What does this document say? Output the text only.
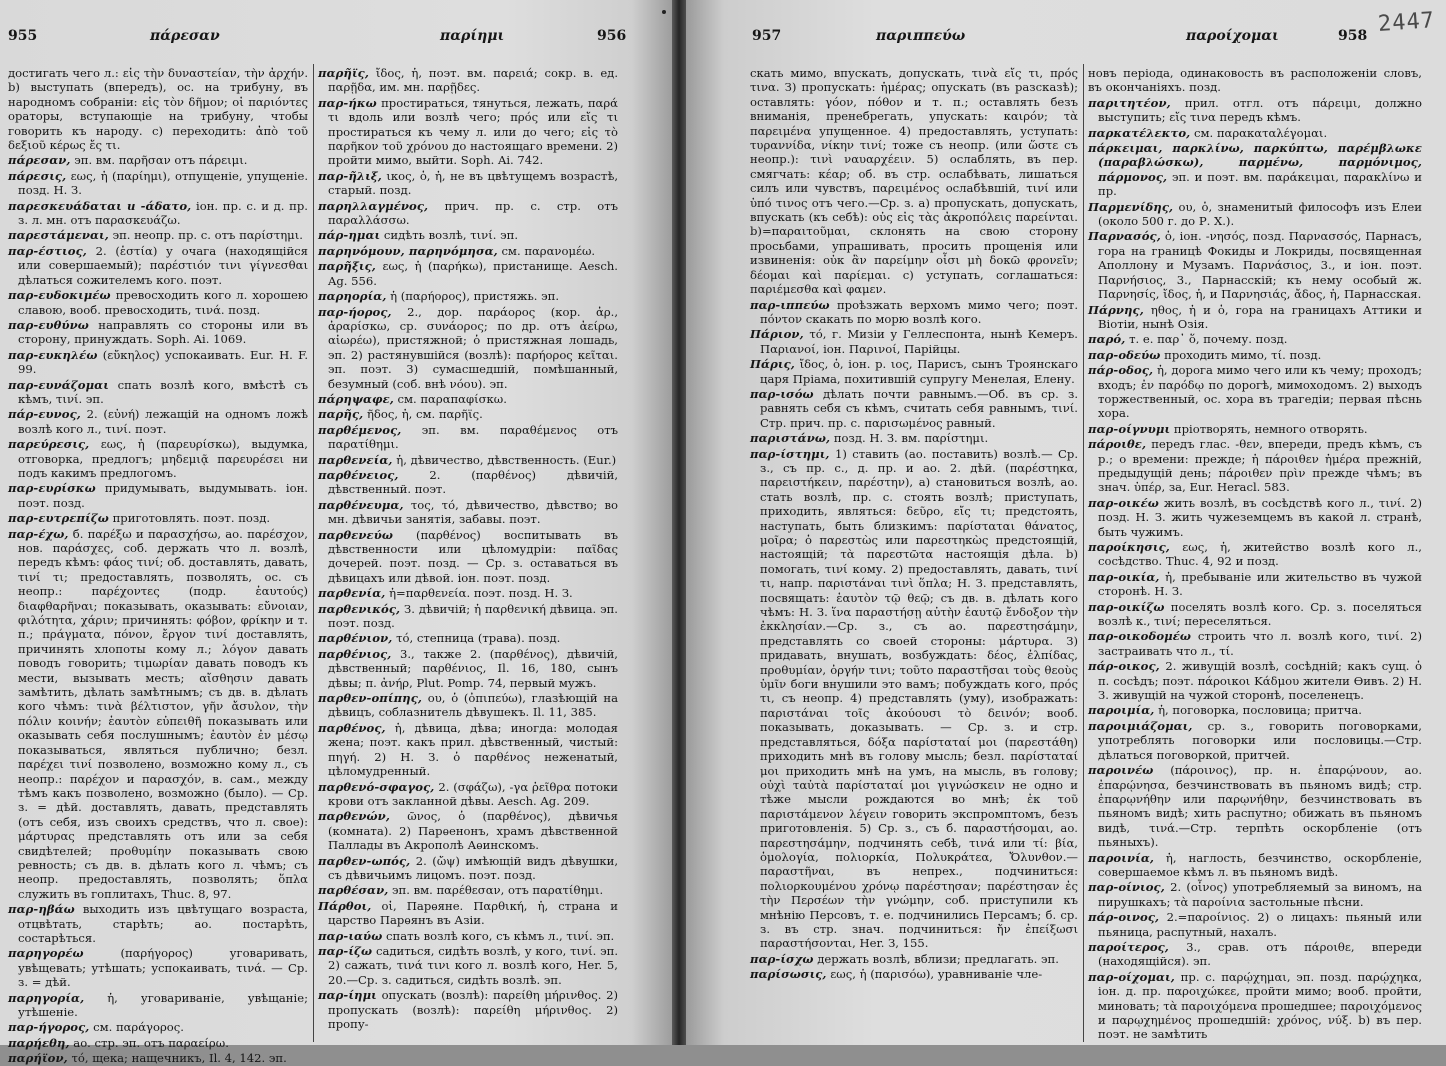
955	πάρεσαν	παρίημι	956

достигать чего л.: εἰς τὴν δυναστείαν, τὴν ἀρχήν. b) выступать (впередъ), ос. на трибуну, въ народномъ собраніи: εἰς τὸν δῆμον; οἱ παριόντες ораторы, вступающіе на трибуну, чтобы говорить къ народу. c) переходить: ἀπὸ τοῦ δεξιοῦ κέρως ἔς τι.

πάρεσαν, эп. вм. παρῆσαν отъ πάρειμι.

πάρεσις, εως, ἡ (παρίημι), отпущеніе, упущеніе. позд. Н. З.

παρεσκευάδαται и -άδατο, іон. пр. с. и д. пр. з. л. мн. отъ παρασκευάζω.

παρεστάμεναι, эп. неопр. пр. с. отъ παρίστημι.

παρ-έστιος, 2. (ἑστία) у очага (находящійся или совершаемый); παρέστιόν τινι γίγνεσθαι дѣлаться сожителемъ кого. поэт.

παρ-ευδοκιμέω превосходить кого л. хорошею славою, вооб. превосходить, τινά. позд.

παρ-ευθύνω направлять со стороны или въ сторону, принуждать. Soph. Ai. 1069.

παρ-ευκηλέω (εὔκηλος) успокаивать. Eur. H. F. 99.

παρ-ευνάζομαι спать возлѣ кого, вмѣстѣ съ кѣмъ, τινί. эп.

πάρ-ευνος, 2. (εὐνή) лежащій на одномъ ложѣ возлѣ кого л., τινί. поэт.

παρεύρεσις, εως, ἡ (παρευρίσκω), выдумка, отговорка, предлогъ; μηδεμιᾷ παρευρέσει ни подъ какимъ предлогомъ.

παρ-ευρίσκω придумывать, выдумывать. іон. поэт. позд.

παρ-ευτρεπίζω приготовлять. поэт. позд.

παρ-έχω, б. παρέξω и παρασχήσω, ао. παρέσχον, нов. παράσχες, соб. держать что л. возлѣ, передъ кѣмъ: φάος τινί; об. доставлять, давать, τινί τι; предоставлять, позволять, ос. съ неопр.: παρέχοντες (подр. ἑαυτούς) διαφθαρῆναι; показывать, оказывать: εὔνοιαν, φιλότητα, χάριν; причинять: φόβον, φρίκην и т. п.; πράγματα, πόνον, ἔργον τινί доставлять, причинять хлопоты кому л.; λόγον давать поводъ говорить; τιμωρίαν давать поводъ къ мести, вызывать месть; αἴσθησιν давать замѣтить, дѣлать замѣтнымъ; съ дв. в. дѣлать кого чѣмъ: τινὰ βέλτιστον, γῆν ἄσυλον, τὴν πόλιν κοινήν; ἑαυτὸν εὐπειθῆ показывать или оказывать себя послушнымъ; ἑαυτὸν ἐν μέσῳ показываться, являться публично; безл. παρέχει τινί позволено, возможно кому л., съ неопр.: παρέχον и παρασχόν, в. сам., между тѣмъ какъ позволено, возможно (было). — Ср. з. = дѣй. доставлять, давать, представлять (отъ себя, изъ своихъ средствъ, что л. свое): μάρτυρας представлять отъ или за себя свидѣтелей; προθυμίην показывать свою ревность; съ дв. в. дѣлать кого л. чѣмъ; съ неопр. предоставлять, позволять; ὅπλα служить въ гоплитахъ, Thuc. 8, 97.

παρ-ηβάω выходить изъ цвѣтущаго возраста, отцвѣтать, старѣть; ао. постарѣть, состарѣться.

παρηγορέω	(παρήγορος) уговаривать, увѣщевать; утѣшать; успокаивать, τινά. — Ср. з. = дѣй.

παρηγορία, ἡ, уговариваніе, увѣщаніе; утѣшеніе.

παρ-ήγορος, см. παράγορος.

παρήεθη, ао. стр. эп. отъ παραείρω.

παρήϊον, τό, щека; нащечникъ, Il. 4, 142. эп.

παρῆϊς, ἴδος, ἡ, поэт. вм. παρειά; сокр. в. ед. παρῇδα, им. мн. παρῇδες.

παρ-ήκω простираться, тянуться, лежать, παρά τι вдоль или возлѣ чего; πρός или εἴς τι простираться къ чему л. или до чего; εἰς τὸ παρῆκον τοῦ χρόνου до настоящаго времени. 2) пройти мимо, выйти. Soph. Ai. 742.

παρ-ῆλιξ, ικος, ὁ, ἡ, не въ цвѣтущемъ возрастѣ, старый. позд.

παρηλλαγμένος, прич. пр. с. стр. отъ παραλλάσσω.

πάρ-ημαι сидѣть возлѣ, τινί. эп.

παρηνόμουν, παρηνόμησα, см. παρανομέω.

παρῆξις, εως, ἡ (παρήκω), пристанище. Aesch. Ag. 556.

παρηορία, ἡ (παρήορος), пристяжь. эп.

παρ-ήορος, 2., дор. παράορος (кор. ἀρ., ἀραρίσκω, ср. συνάορος; по др. отъ ἀείρω, αἰωρέω), пристяжной; ὁ пристяжная лошадь, эп. 2) растянувшійся (возлѣ): παρήορος κεῖται. эп. поэт. 3) сумасшедшій, помѣшанный, безумный (соб. внѣ νόου). эп.

πάρηψαφε, см. παραπαφίσκω.

παρῆς, ῆδος, ἡ, см. παρῆϊς.

παρθέμενος, эп. вм. παραθέμενος отъ παρατίθημι.

παρθενεία, ἡ, дѣвичество, дѣвственность. (Eur.)

παρθένειος,	2. (παρθένος) дѣвичій, дѣвственный. поэт.

παρθένευμα, τος, τό, дѣвичество, дѣвство; во мн. дѣвичьи занятія, забавы. поэт.

παρθενεύω (παρθένος) воспитывать въ дѣвственности или цѣломудріи: παῖδας дочерей. поэт. позд. — Ср. з. оставаться въ дѣвицахъ или дѣвой. іон. поэт. позд.

παρθενία, ἡ=παρθενεία. поэт. позд. Н. З.

παρθενικός, З. дѣвичій; ἡ παρθενική дѣвица. эп. поэт. позд.

παρθένιον, τό, степница (трава). позд.

παρθένιος, 3., также 2. (παρθένος), дѣвичій, дѣвственный; παρθένιος, Il. 16, 180, сынъ дѣвы; π. ἀνήρ, Plut. Pomp. 74, первый мужъ.

παρθεν-οπίπης, ου, ὁ (ὀπιπεύω), глазѣющій на дѣвицъ, соблазнитель дѣвушекъ. Il. 11, 385.

παρθένος, ἡ, дѣвица, дѣва; иногда: молодая жена; поэт. какъ прил. дѣвственный, чистый: πηγή. 2) Н. З. ὁ παρθένος неженатый, цѣломудренный.

παρθενό-σφαγος, 2. (σφάζω), -γα ῥεῖθρα потоки крови отъ закланной дѣвы. Aesch. Ag. 209.

παρθενών, ῶνος, ὁ (παρθένος), дѣвичья (комната). 2) Парѳенонъ, храмъ дѣвственной Паллады въ Акрополѣ Аѳинскомъ.

παρθεν-ωπός, 2. (ὤψ) имѣющій видъ дѣвушки, съ дѣвичьимъ лицомъ. поэт. позд.

παρθέσαν, эп. вм. παρέθεσαν, отъ παρατίθημι.

Πάρθοι, οἱ, Парѳяне. Παρθική, ἡ, страна и царство Парѳянъ въ Азіи.

παρ-ιαύω спать возлѣ кого, съ кѣмъ л., τινί. эп.

παρ-ίζω садиться, сидѣть возлѣ, у кого, τινί. эп. 2) сажать, τινά τινι кого л. возлѣ кого, Her. 5, 20.—Ср. з. садиться, сидѣть возлѣ. эп.

παρ-ίημι опускать (возлѣ): παρείθη μήρινθος. 2) пропускать (возлѣ): παρείθη μήρινθος. 2) пропу-

957	παριππεύω	παροίχομαι	958

скать мимо, впускать, допускать, τινὰ εἴς τι, πρός τινα. З) пропускать: ἡμέρας; опускать (въ разсказѣ); оставлять: γόον, πόθον и т. п.; оставлять безъ вниманія, пренебрегать, упускать: καιρόν; τὰ παρειμένα упущенное. 4) предоставлять, уступать: τυραννίδα, νίκην τινί; тоже съ неопр. (или ὥστε съ неопр.): τινὶ ναυαρχέειν. 5) ослаблять, въ пер. смягчать: κέαρ; об. въ стр. ослабѣвать, лишаться силъ или чувствъ, παρειμένος ослабѣвшій, τινί или ὑπό τινος отъ чего.—Ср. з. а) пропускать, допускать, впускать (къ себѣ): οὐς εἰς τὰς ἀκροπόλεις παρείνται. b)=παραιτοῦμαι, склонять на свою сторону просьбами, упрашивать, просить прощенія или извиненія: οὐκ ἂν παρείμην οἶσι μὴ δοκῶ φρονεῖν; δέομαι καὶ παρίεμαι. c) уступать, соглашаться: παριέμεσθα καὶ φαμεν.

παρ-ιππεύω проѣзжать верхомъ мимо чего; поэт. πόντον скакать по морю возлѣ кого.

Πάριον, τό, г. Мизіи у Геллеспонта, нынѣ Кемеръ. Παριανοί, іон. Παρινοί, Парійцы.

Πάρις, ἴδος, ὁ, іон. р. ιος, Парисъ, сынъ Троянскаго царя Пріама, похитившій супругу Менелая, Елену.

παρ-ισόω дѣлать почти равнымъ.—Об. въ ср. з. равнять себя съ кѣмъ, считать себя равнымъ, τινί. Стр. прич. пр. с. παρισωμένος равный.

παριστάνω, позд. Н. З. вм. παρίστημι.

παρ-ίστημι, 1) ставить (ао. поставить) возлѣ.— Ср. з., съ пр. с., д. пр. и ао. 2. дѣй. (παρέστηκα, παρειστήκειν, παρέστην), а) становиться возлѣ, ао. стать возлѣ, пр. с. стоять возлѣ; приступать, приходить, являться: δεῦρο, εἴς τι; предстоять, наступать, быть близкимъ: παρίσταται θάνατος, μοῖρα; ὁ παρεστὼς или παρεστηκὼς предстоящій, настоящій; τὰ παρεστῶτα настоящія дѣла. b) помогать, τινί кому. 2) предоставлять, давать, τινί τι, напр. παριστάναι τινὶ ὅπλα; Н. З. представлять, посвящать: ἑαυτὸν τῷ θεῷ; съ дв. в. дѣлать кого чѣмъ: Н. З. ἵνα παραστήσῃ αὐτὴν ἑαυτῷ ἔνδοξον τὴν ἐκκλησίαν.—Ср. з., съ ао. παρεστησάμην, представлять со своей стороны: μάρτυρα. З) придавать, внушать, возбуждать: δέος, ἐλπίδας, προθυμίαν, ὀργήν τινι; τοῦτο παραστῆσαι τοὺς θεοὺς ὑμῖν боги внушили это вамъ; побуждать кого, πρός τι, съ неопр. 4) представлять (уму), изображать: παριστάναι τοῖς ἀκούουσι τὸ δεινόν; вооб. показывать, доказывать. — Ср. з. и стр. представляться, δόξα παρίσταταί μοι (παρεστάθη) приходить мнѣ въ голову мысль; безл. παρίσταταί μοι приходить мнѣ на умъ, на мысль, въ голову; οὐχὶ ταὐτὰ παρίσταταί μοι γιγνώσκειν не одно и тѣже мысли рождаются во мнѣ; ἐκ τοῦ παριστάμενον λέγειν говорить экспромптомъ, безъ приготовленія. 5) Ср. з., съ б. παραστήσομαι, ао. παρεστησάμην, подчинять себѣ, τινά или τί: βία, ὁμολογία, πολιορκία, Πολυκράτεα, Ὄλυνθον.—παραστῆναι, въ непрех., подчиниться: πολιορκουμένου χρόνῳ παρέστησαν; παρέστησαν ἐς τὴν Περσέων τὴν γνώμην, соб. приступили къ мнѣнію Персовъ, т. е. подчинились Персамъ; б. ср. з. въ стр. знач. подчиниться: ἤν ἐπείξωσι παραστήσονται, Her. З, 155.

παρ-ίσχω держать возлѣ, вблизи; предлагать. эп.

παρίσωσις, εως, ἡ (παρισόω), уравниваніе чле-

новъ періода, одинаковость въ расположеніи словъ, въ окончаніяхъ. позд.

παριτητέον, прил. отгл. отъ πάρειμι, должно выступить; εἴς τινα передъ кѣмъ.

παρκατέλεκτο, см. παρακαταλέγομαι.

πάρκειμαι, παρκλίνω, παρκύπτω, παρέμβλωκε (παραβλώσκω), παρμένω, παρμόνιμος, πάρμονος, эп. и поэт. вм. παράκειμαι, παρακλίνω и пр.

Παρμενίδης, ου, ὁ, знаменитый философъ изъ Елеи (около 500 г. до Р. Х.).

Παρνασός, ὁ, іон. -νησός, позд. Παρνασσός, Парнасъ, гора на границѣ Фокиды и Локриды, посвященная Аполлону и Музамъ. Παρνάσιος, 3., и іон. поэт. Παρνήσιος, 3., Парнасскій; къ нему особый ж. Παρνησίς, ἴδος, ἡ, и Παρνησιάς, ἄδος, ἡ, Парнасская.

Πάρνης, ηθος, ἡ и ὁ, гора на границахъ Аттики и Віотіи, нынѣ Озія.

παρό, т. е. παρ᾽ ὅ, почему. позд.

παρ-οδεύω проходить мимо, τί. позд.

πάρ-οδος, ἡ, дорога мимо чего или къ чему; проходъ; входъ; ἐν παρόδῳ по дорогѣ, мимоходомъ. 2) выходъ торжественный, ос. хора въ трагедіи; первая пѣснь хора.

παρ-οίγνυμι пріотворять, немного отворять.

πάροιθε, передъ глас. -θεν, впереди, предъ кѣмъ, съ р.; о времени: прежде; ἡ πάροιθεν ἡμέρα прежній, предыдущій день; πάροιθεν πρὶν прежде чѣмъ; въ знач. ὑπέρ, за, Eur. Heracl. 583.

παρ-οικέω жить возлѣ, въ сосѣдствѣ кого л., τινί. 2) позд. Н. З. жить чужеземцемъ въ какой л. странѣ, быть чужимъ.

παροίκησις, εως, ἡ, житейство возлѣ кого л., сосѣдство. Thuc. 4, 92 и позд.

παρ-οικία, ἡ, пребываніе или жительство въ чужой сторонѣ. Н. З.

παρ-οικίζω поселять возлѣ кого. Ср. з. поселяться возлѣ к., τινί; переселяться.

παρ-οικοδομέω строить что л. возлѣ кого, τινί. 2) застраивать что л., τί.

πάρ-οικος, 2. живущій возлѣ, сосѣдній; какъ сущ. ὁ π. сосѣдъ; поэт. πάροικοι Κάδμου жители Ѳивъ. 2) Н. З. живущій на чужой сторонѣ, поселенецъ.

παροιμία, ἡ, поговорка, пословица; притча.

παροιμιάζομαι, ср. з., говорить поговорками, употреблять поговорки или пословицы.—Стр. дѣлаться поговоркой, притчей.

παροινέω (πάροινος), пр. н. ἐπαρῴνουν, ао. ἐπαρῴνησα, безчинствовать въ пьяномъ видѣ; стр. ἐπαρῳνήθην или παρῳνήθην, безчинствовать въ пьяномъ видѣ; хить распутно; обижать въ пьяномъ видѣ, τινά.—Стр. терпѣть оскорбленіе (отъ пьяныхъ).

παροινία, ἡ, наглость, безчинство, оскорбленіе, совершаемое кѣмъ л. въ пьяномъ видѣ.

παρ-οίνιος, 2. (οἶνος) употребляемый за виномъ, на пирушкахъ; τὰ παροίνια застольные пѣсни.

πάρ-οινος, 2.=παροίνιος. 2) о лицахъ: пьяный или пьяница, распутный, нахалъ.

παροίτερος, 3., срав. отъ πάροιθε, впереди (находящійся). эп.

παρ-οίχομαι, пр. с. παρῴχημαι, эп. позд. παρῴχηκα, іон. д. пр. παροιχώκεε, пройти мимо; вооб. пройти, миновать; τὰ παροιχόμενα прошедшее; παροιχόμενος и παρῳχημένος прошедшій: χρόνος, νύξ. b) въ пер. поэт. не замѣтить

2447
